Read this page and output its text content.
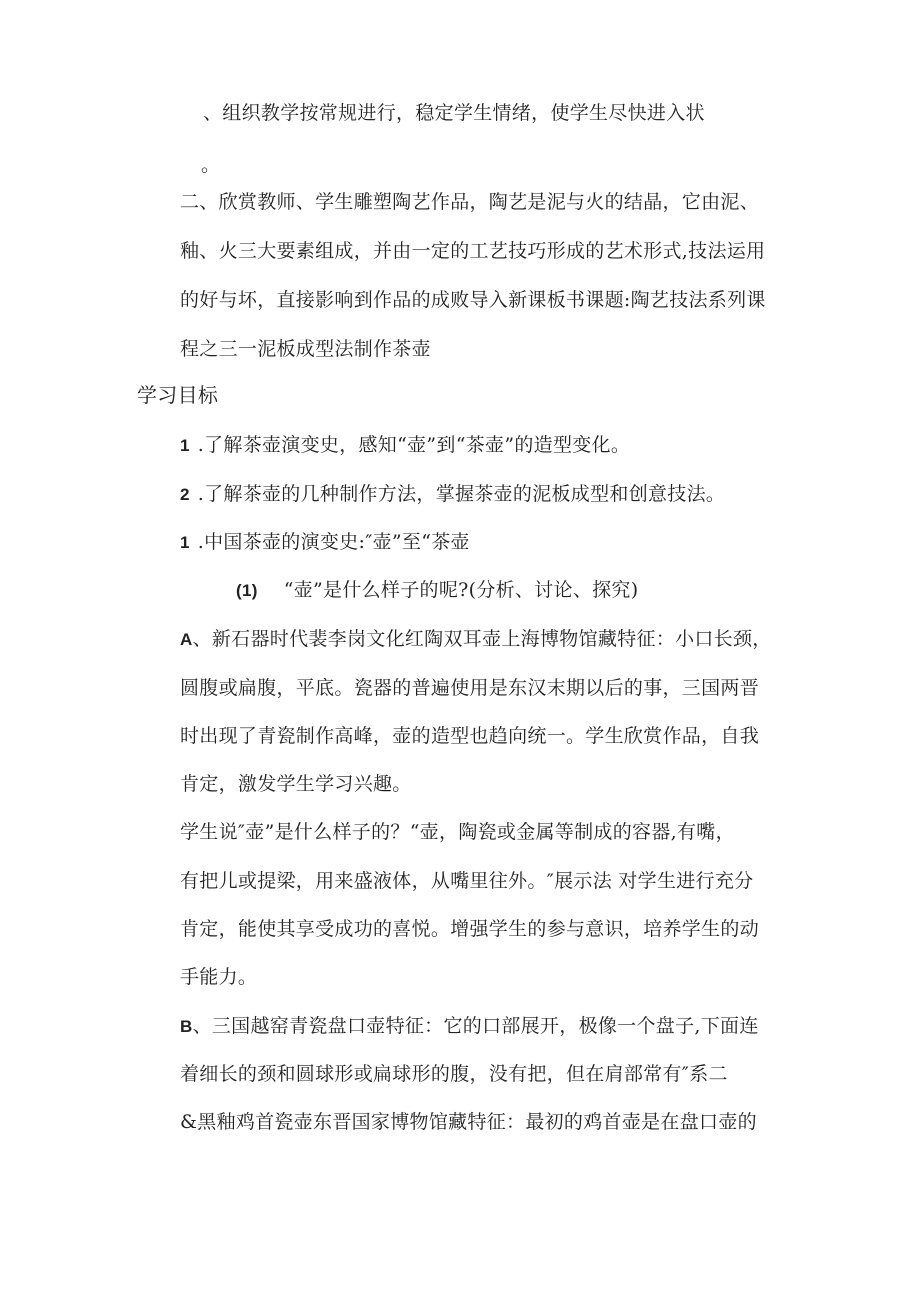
、组织教学按常规进行，稳定学生情绪，使学生尽快进入状
。
二、欣赏教师、学生雕塑陶艺作品，陶艺是泥与火的结晶，它由泥、
釉、火三大要素组成，并由一定的工艺技巧形成的艺术形式,技法运用
的好与坏，直接影响到作品的成败导入新课板书课题:陶艺技法系列课
程之三一泥板成型法制作茶壶
学习目标
1 .了解茶壶演变史，感知“壶”到“茶壶”的造型变化。
2 .了解茶壶的几种制作方法，掌握茶壶的泥板成型和创意技法。
1 .中国茶壶的演变史:″壶”至“茶壶
(1) “壶”是什么样子的呢?(分析、讨论、探究)
A、新石器时代裴李岗文化红陶双耳壶上海博物馆藏特征：小口长颈，
圆腹或扁腹，平底。瓷器的普遍使用是东汉末期以后的事，三国两晋
时出现了青瓷制作高峰，壶的造型也趋向统一。学生欣赏作品，自我
肯定，激发学生学习兴趣。
学生说″壶”是什么样子的？“壶，陶瓷或金属等制成的容器,有嘴，
有把儿或提梁，用来盛液体，从嘴里往外。″展示法 对学生进行充分
肯定，能使其享受成功的喜悦。增强学生的参与意识，培养学生的动
手能力。
B、三国越窑青瓷盘口壶特征：它的口部展开，极像一个盘子,下面连
着细长的颈和圆球形或扁球形的腹，没有把，但在肩部常有″系二
&黑釉鸡首瓷壶东晋国家博物馆藏特征：最初的鸡首壶是在盘口壶的
